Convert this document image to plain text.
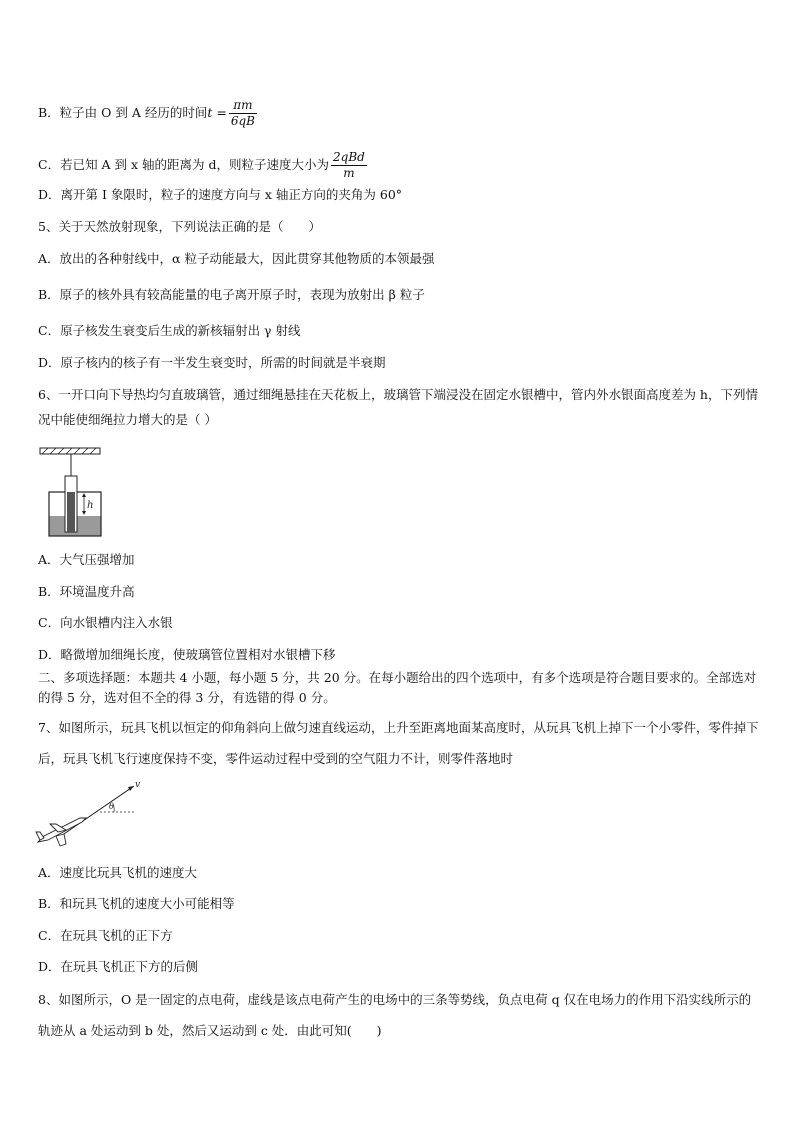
B．粒子由 O 到 A 经历的时间$t = \frac{\pi m}{6qB}$
C．若已知 A 到 x 轴的距离为 d，则粒子速度大小为 $\frac{\text{2qBd}}{m}$
D．离开第 I 象限时，粒子的速度方向与 x 轴正方向的夹角为 60°
5、关于天然放射现象，下列说法正确的是（　　）
A．放出的各种射线中，α 粒子动能最大，因此贯穿其他物质的本领最强
B．原子的核外具有较高能量的电子离开原子时，表现为放射出 β 粒子
C．原子核发生衰变后生成的新核辐射出 γ 射线
D．原子核内的核子有一半发生衰变时，所需的时间就是半衰期
6、一开口向下导热均匀直玻璃管，通过细绳悬挂在天花板上，玻璃管下端浸没在固定水银槽中，管内外水银面高度差为 h，下列情况中能使细绳拉力增大的是（ ）
h
A．大气压强增加
B．环境温度升高
C．向水银槽内注入水银
D．略微增加细绳长度，使玻璃管位置相对水银槽下移
二、多项选择题：本题共 4 小题，每小题 5 分，共 20 分。在每小题给出的四个选项中，有多个选项是符合题目要求的。全部选对的得 5 分，选对但不全的得 3 分，有选错的得 0 分。
7、如图所示，玩具飞机以恒定的仰角斜向上做匀速直线运动，上升至距离地面某高度时，从玩具飞机上掉下一个小零件，零件掉下后，玩具飞机飞行速度保持不变，零件运动过程中受到的空气阻力不计，则零件落地时
v
θ
A．速度比玩具飞机的速度大
B．和玩具飞机的速度大小可能相等
C．在玩具飞机的正下方
D．在玩具飞机正下方的后侧
8、如图所示，O 是一固定的点电荷，虚线是该点电荷产生的电场中的三条等势线，负点电荷 q 仅在电场力的作用下沿实线所示的轨迹从 a 处运动到 b 处，然后又运动到 c 处．由此可知(　　)
